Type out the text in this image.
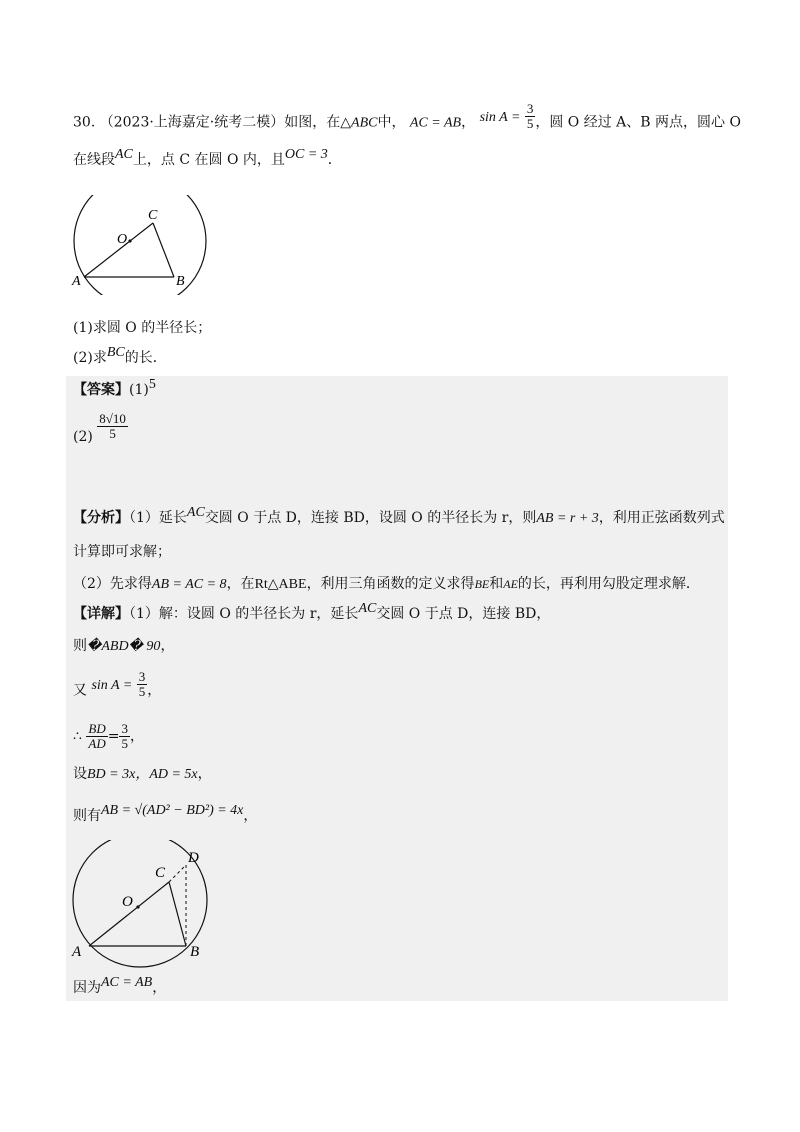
30. （2023·上海嘉定·统考二模）如图，在△ABC中， AC = AB， $\sin A = \frac{3}{5}$ ，圆 O 经过 A、B 两点，圆心 O
在线段AC上，点 C 在圆 O 内，且OC = 3．
A	B
C
O
(1)求圆 O 的半径长；
(2)求BC的长．
【答案】(1)5
$(2) \frac{8√10}{5}$
【分析】（1）延长AC交圆 O 于点 D，连接 BD，设圆 O 的半径长为 r，则AB = r + 3，利用正弦函数列式
计算即可求解；
（2）先求得AB = AC = 8，在Rt△ABE，利用三角函数的定义求得BE和AE的长，再利用勾股定理求解．
【详解】（1）解：设圆 O 的半径长为 r，延长AC交圆 O 于点 D，连接 BD，
则�ABD� 90，
又 $\sin A = \frac{3}{5}$ ，
∴ $\frac{BD}{AD} = \frac{3}{5}$ ，
设BD = 3x，AD = 5x，
则有AB = √(AD² − BD²) = 4x，
A	B
C
O
D
因为AC = AB，
